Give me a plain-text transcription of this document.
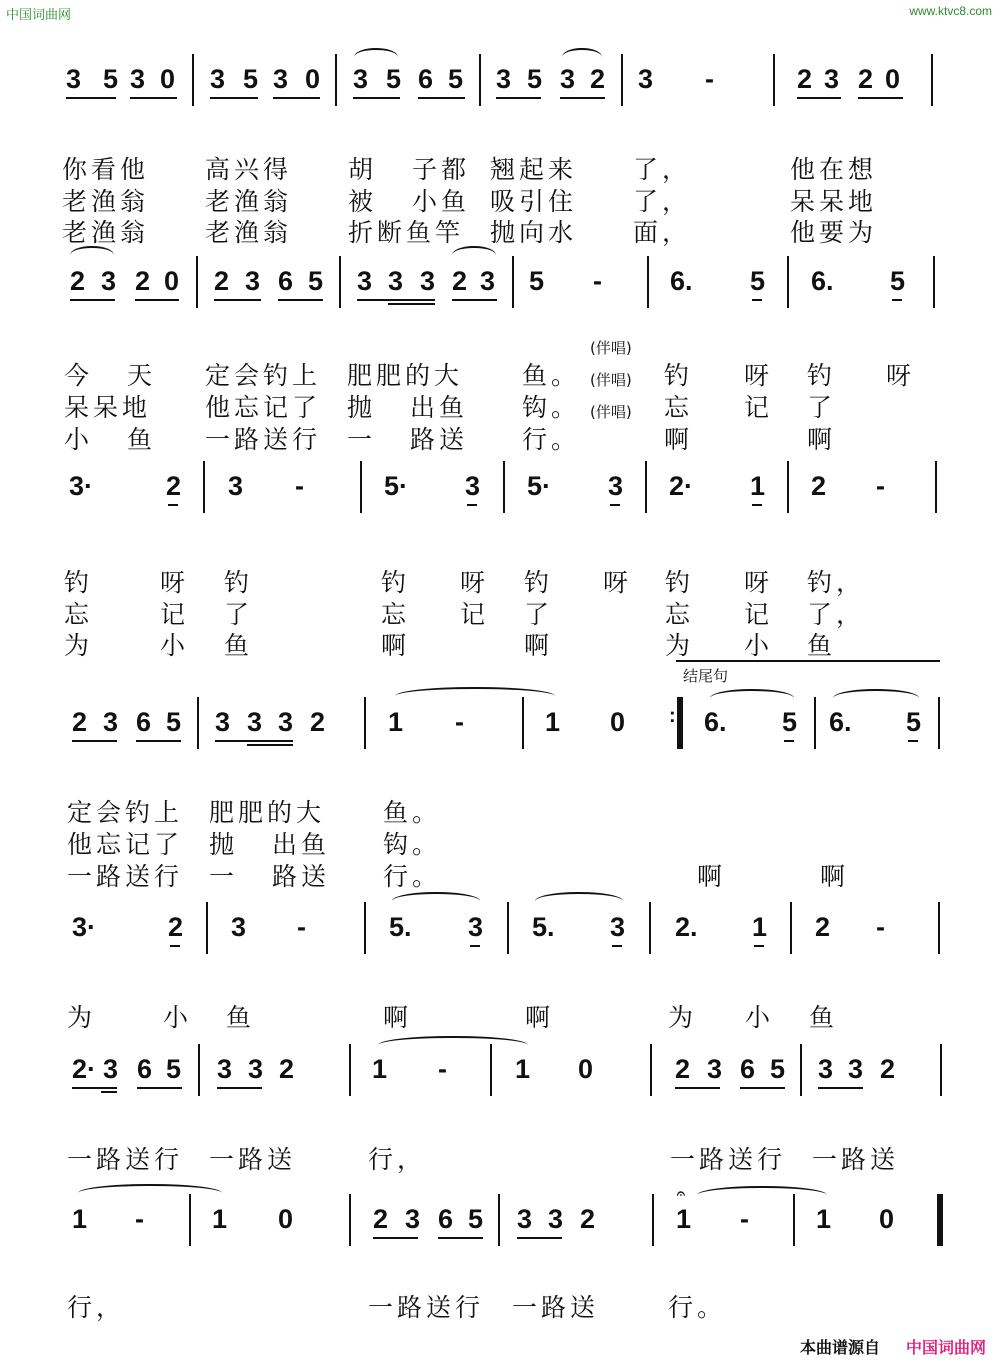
中国词曲网	www.ktvc8.com
3 5 3 0 3 5 3 0 3 5 6 5 3 5 3 2 3 -	2 3 2 0

你看他 高兴得 胡 子都 翘起来 了，	他在想

老渔翁 老渔翁 被 小鱼 吸引住 了，	呆呆地

老渔翁 老渔翁 折断鱼竿 抛向水 面，	他要为

2 3 2 0 2 3 6 5 3 3 3 2 3 5 -	6. 5 6. 5

今 天 定会钓上 肥肥的大 鱼。
(伴唱)
钓 呀 钓 呀

呆呆地 他忘记了 抛 出鱼 钩。
(伴唱)
忘 记 了

小 鱼 一路送行 一 路送 行。
(伴唱)
啊	啊

3·	2 3 -	5· 3 5· 3 2· 1 2 -

钓	呀 钓	钓 呀 钓 呀 钓 呀 钓，

忘	记 了	忘 记 了	忘 记 了，

为	小 鱼	啊	啊	为 小 鱼

结尾句
2 3 6 5 3 3 3 2 1 -	1 0 : 6. 5 6. 5

定会钓上 肥肥的大 鱼。

他忘记了 抛 出鱼 钩。

一路送行 一 路送 行。	啊	啊

3·	2 3 -	5. 3 5. 3 2. 1 2 -

为	小 鱼	啊	啊	为 小 鱼

2· 3 6 5 3 3 2	1 -	1 0	2 3 6 5 3 3 2

一路送行 一路送	行，	一路送行 一路送

1 -	1 0	2 3 6 5 3 3 2
𝄐
1 - 1 0

行，	一路送行 一路送	行。

本曲谱源自 中国词曲网
